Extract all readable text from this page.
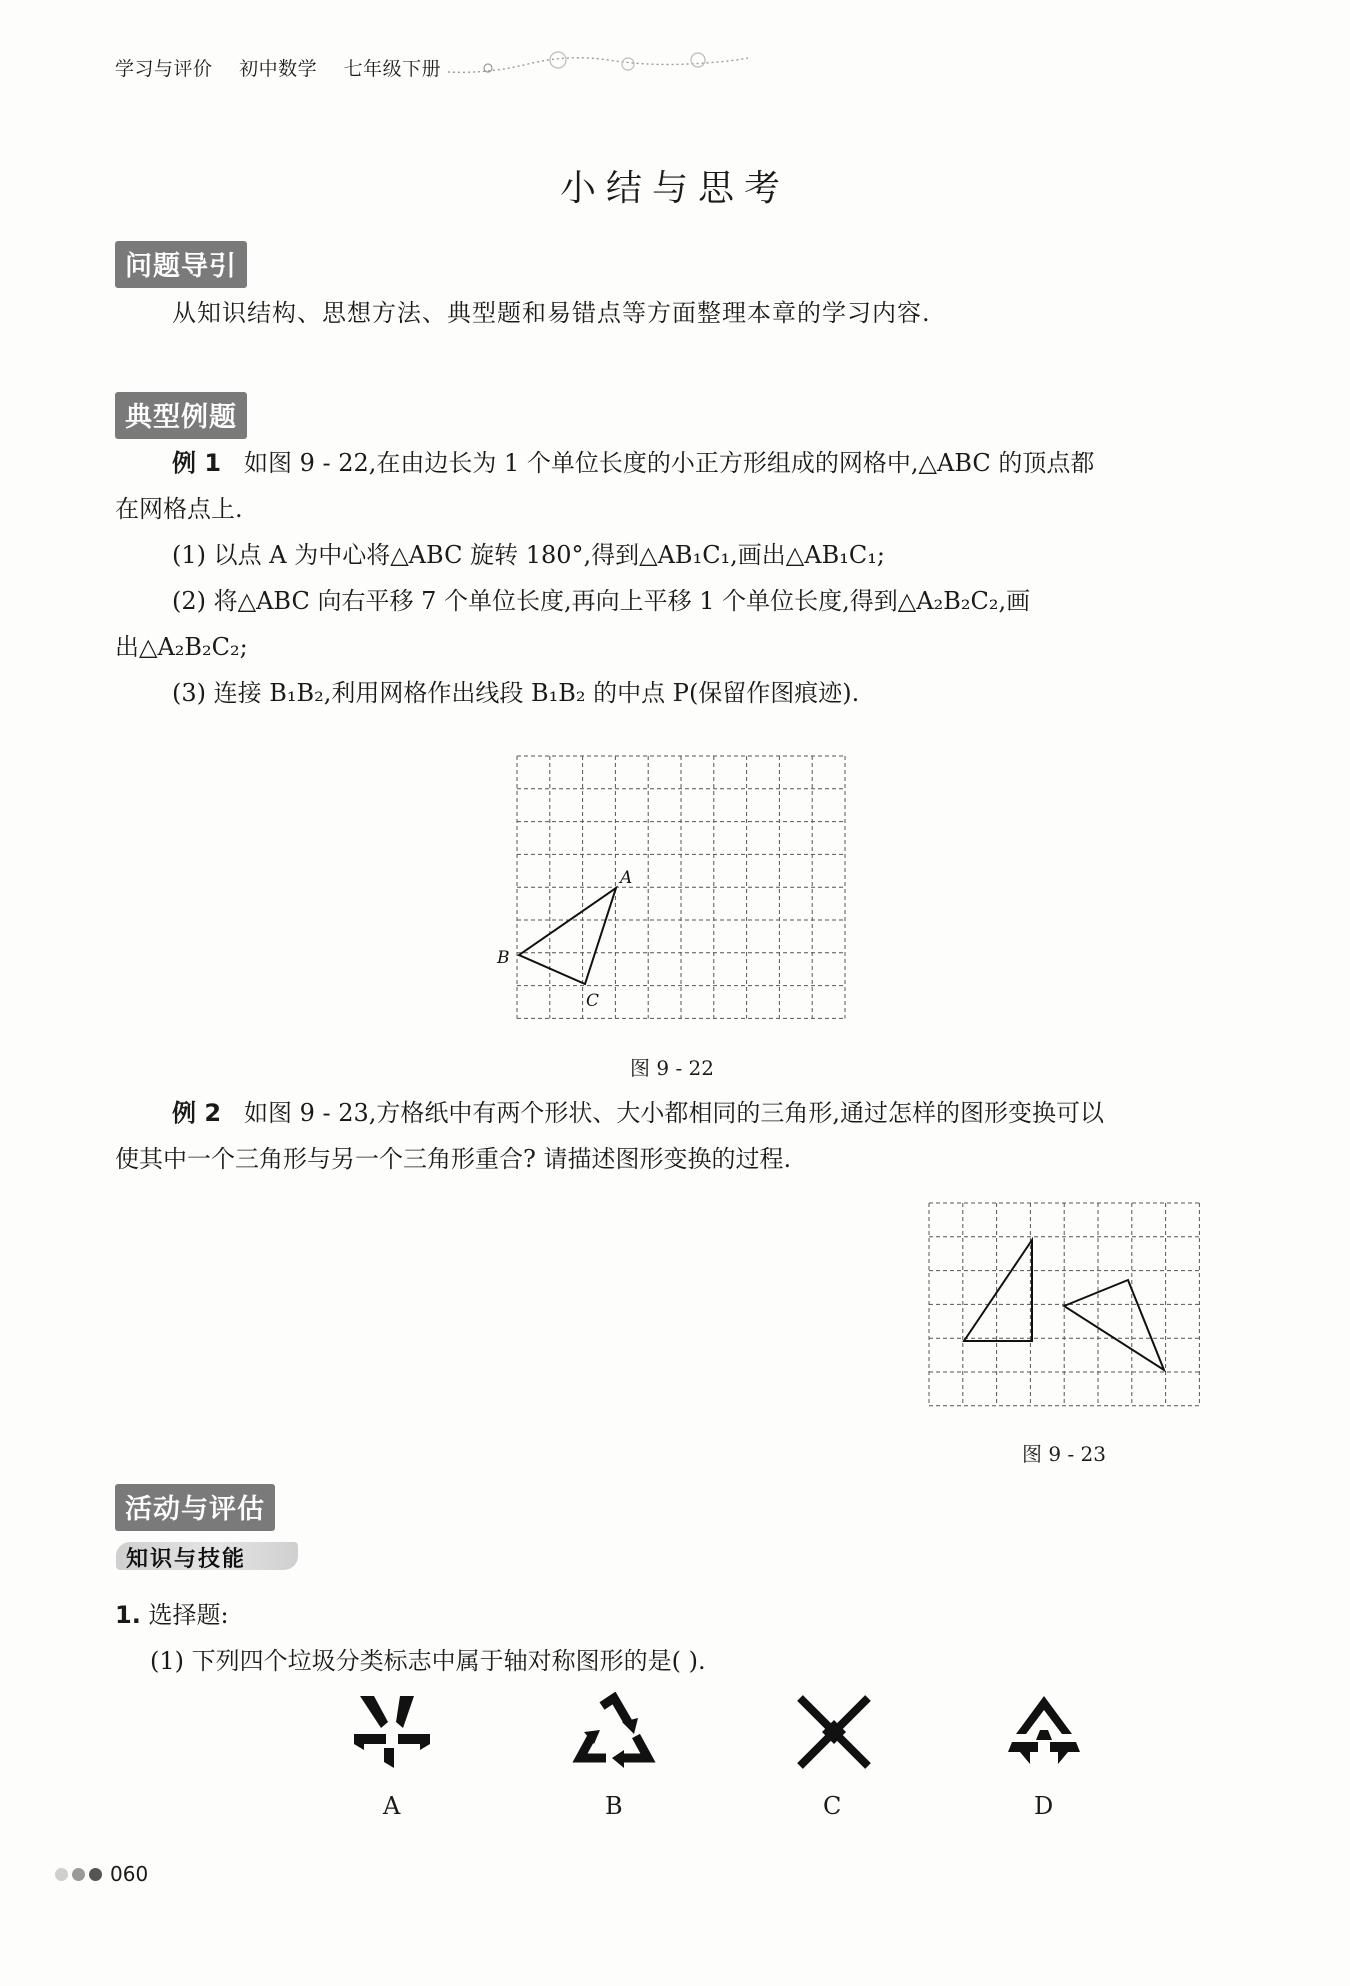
学习与评价 初中数学 七年级下册
小结与思考
问题导引
从知识结构、思想方法、典型题和易错点等方面整理本章的学习内容.
典型例题
例 1 如图 9 - 22,在由边长为 1 个单位长度的小正方形组成的网格中,△ABC 的顶点都
在网格点上.
(1) 以点 A 为中心将△ABC 旋转 180°,得到△AB₁C₁,画出△AB₁C₁;
(2) 将△ABC 向右平移 7 个单位长度,再向上平移 1 个单位长度,得到△A₂B₂C₂,画
出△A₂B₂C₂;
(3) 连接 B₁B₂,利用网格作出线段 B₁B₂ 的中点 P(保留作图痕迹).
A
B
C
图 9 - 22
例 2 如图 9 - 23,方格纸中有两个形状、大小都相同的三角形,通过怎样的图形变换可以
使其中一个三角形与另一个三角形重合? 请描述图形变换的过程.
图 9 - 23
活动与评估
知识与技能
1. 选择题:
(1) 下列四个垃圾分类标志中属于轴对称图形的是( ).
A	B	C	D
060
